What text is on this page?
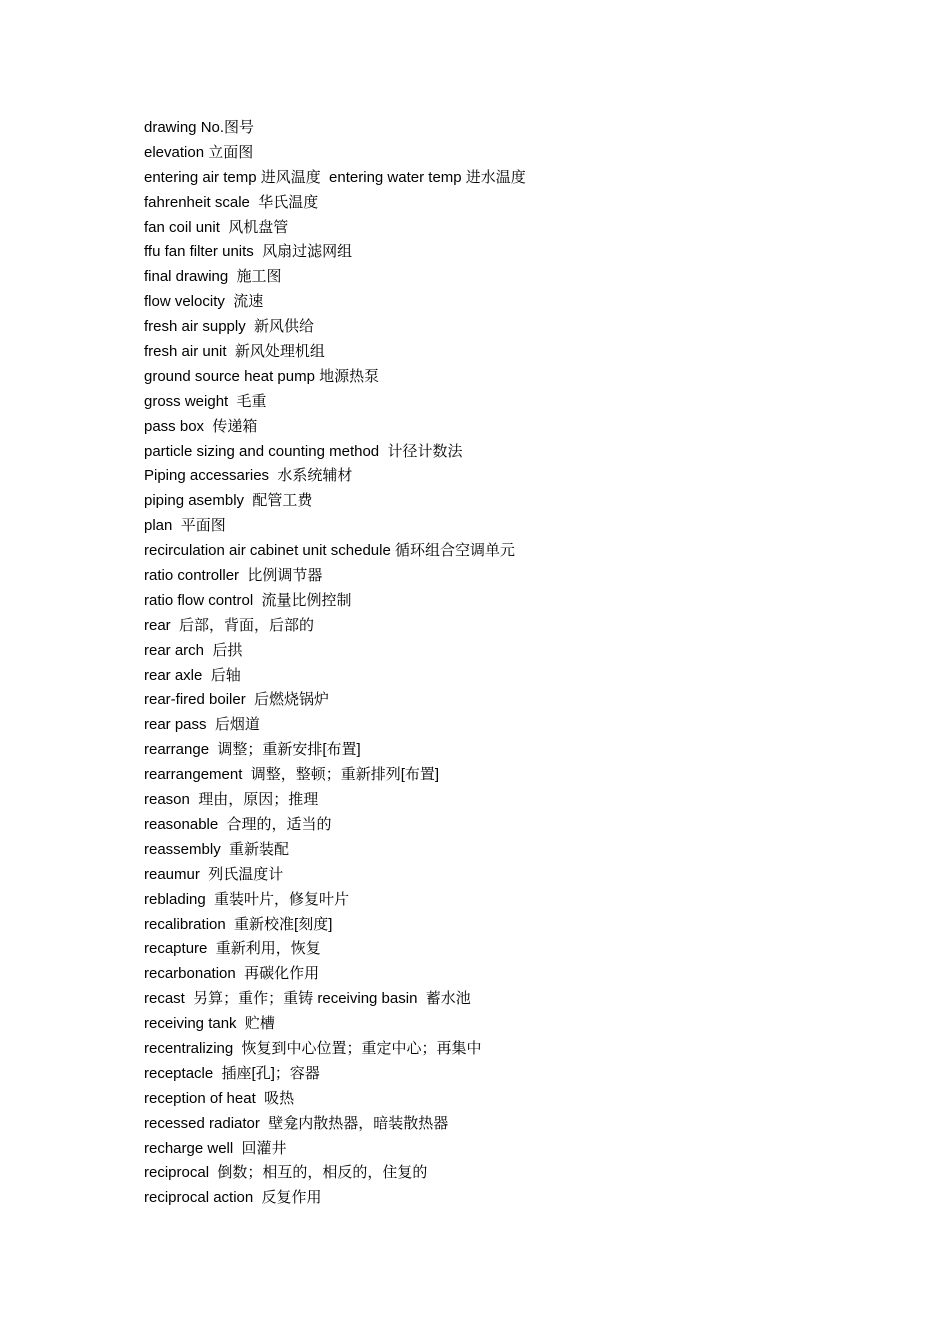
drawing No.图号
elevation 立面图
entering air temp 进风温度  entering water temp 进水温度
fahrenheit scale  华氏温度
fan coil unit  风机盘管
ffu fan filter units  风扇过滤网组
final drawing  施工图
flow velocity  流速
fresh air supply  新风供给
fresh air unit  新风处理机组
ground source heat pump 地源热泵
gross weight  毛重
pass box  传递箱
particle sizing and counting method  计径计数法
Piping accessaries  水系统辅材
piping asembly  配管工费
plan  平面图
recirculation air cabinet unit schedule 循环组合空调单元
ratio controller  比例调节器
ratio flow control  流量比例控制
rear  后部，背面，后部的
rear arch  后拱
rear axle  后轴
rear-fired boiler  后燃烧锅炉
rear pass  后烟道
rearrange  调整；重新安排[布置]
rearrangement  调整，整顿；重新排列[布置]
reason  理由，原因；推理
reasonable  合理的，适当的
reassembly  重新装配
reaumur  列氏温度计
reblading  重装叶片，修复叶片
recalibration  重新校准[刻度]
recapture  重新利用，恢复
recarbonation  再碳化作用
recast  另算；重作；重铸 receiving basin  蓄水池
receiving tank  贮槽
recentralizing  恢复到中心位置；重定中心；再集中
receptacle  插座[孔]；容器
reception of heat  吸热
recessed radiator  壁龛内散热器，暗装散热器
recharge well  回灌井
reciprocal  倒数；相互的，相反的，住复的
reciprocal action  反复作用
